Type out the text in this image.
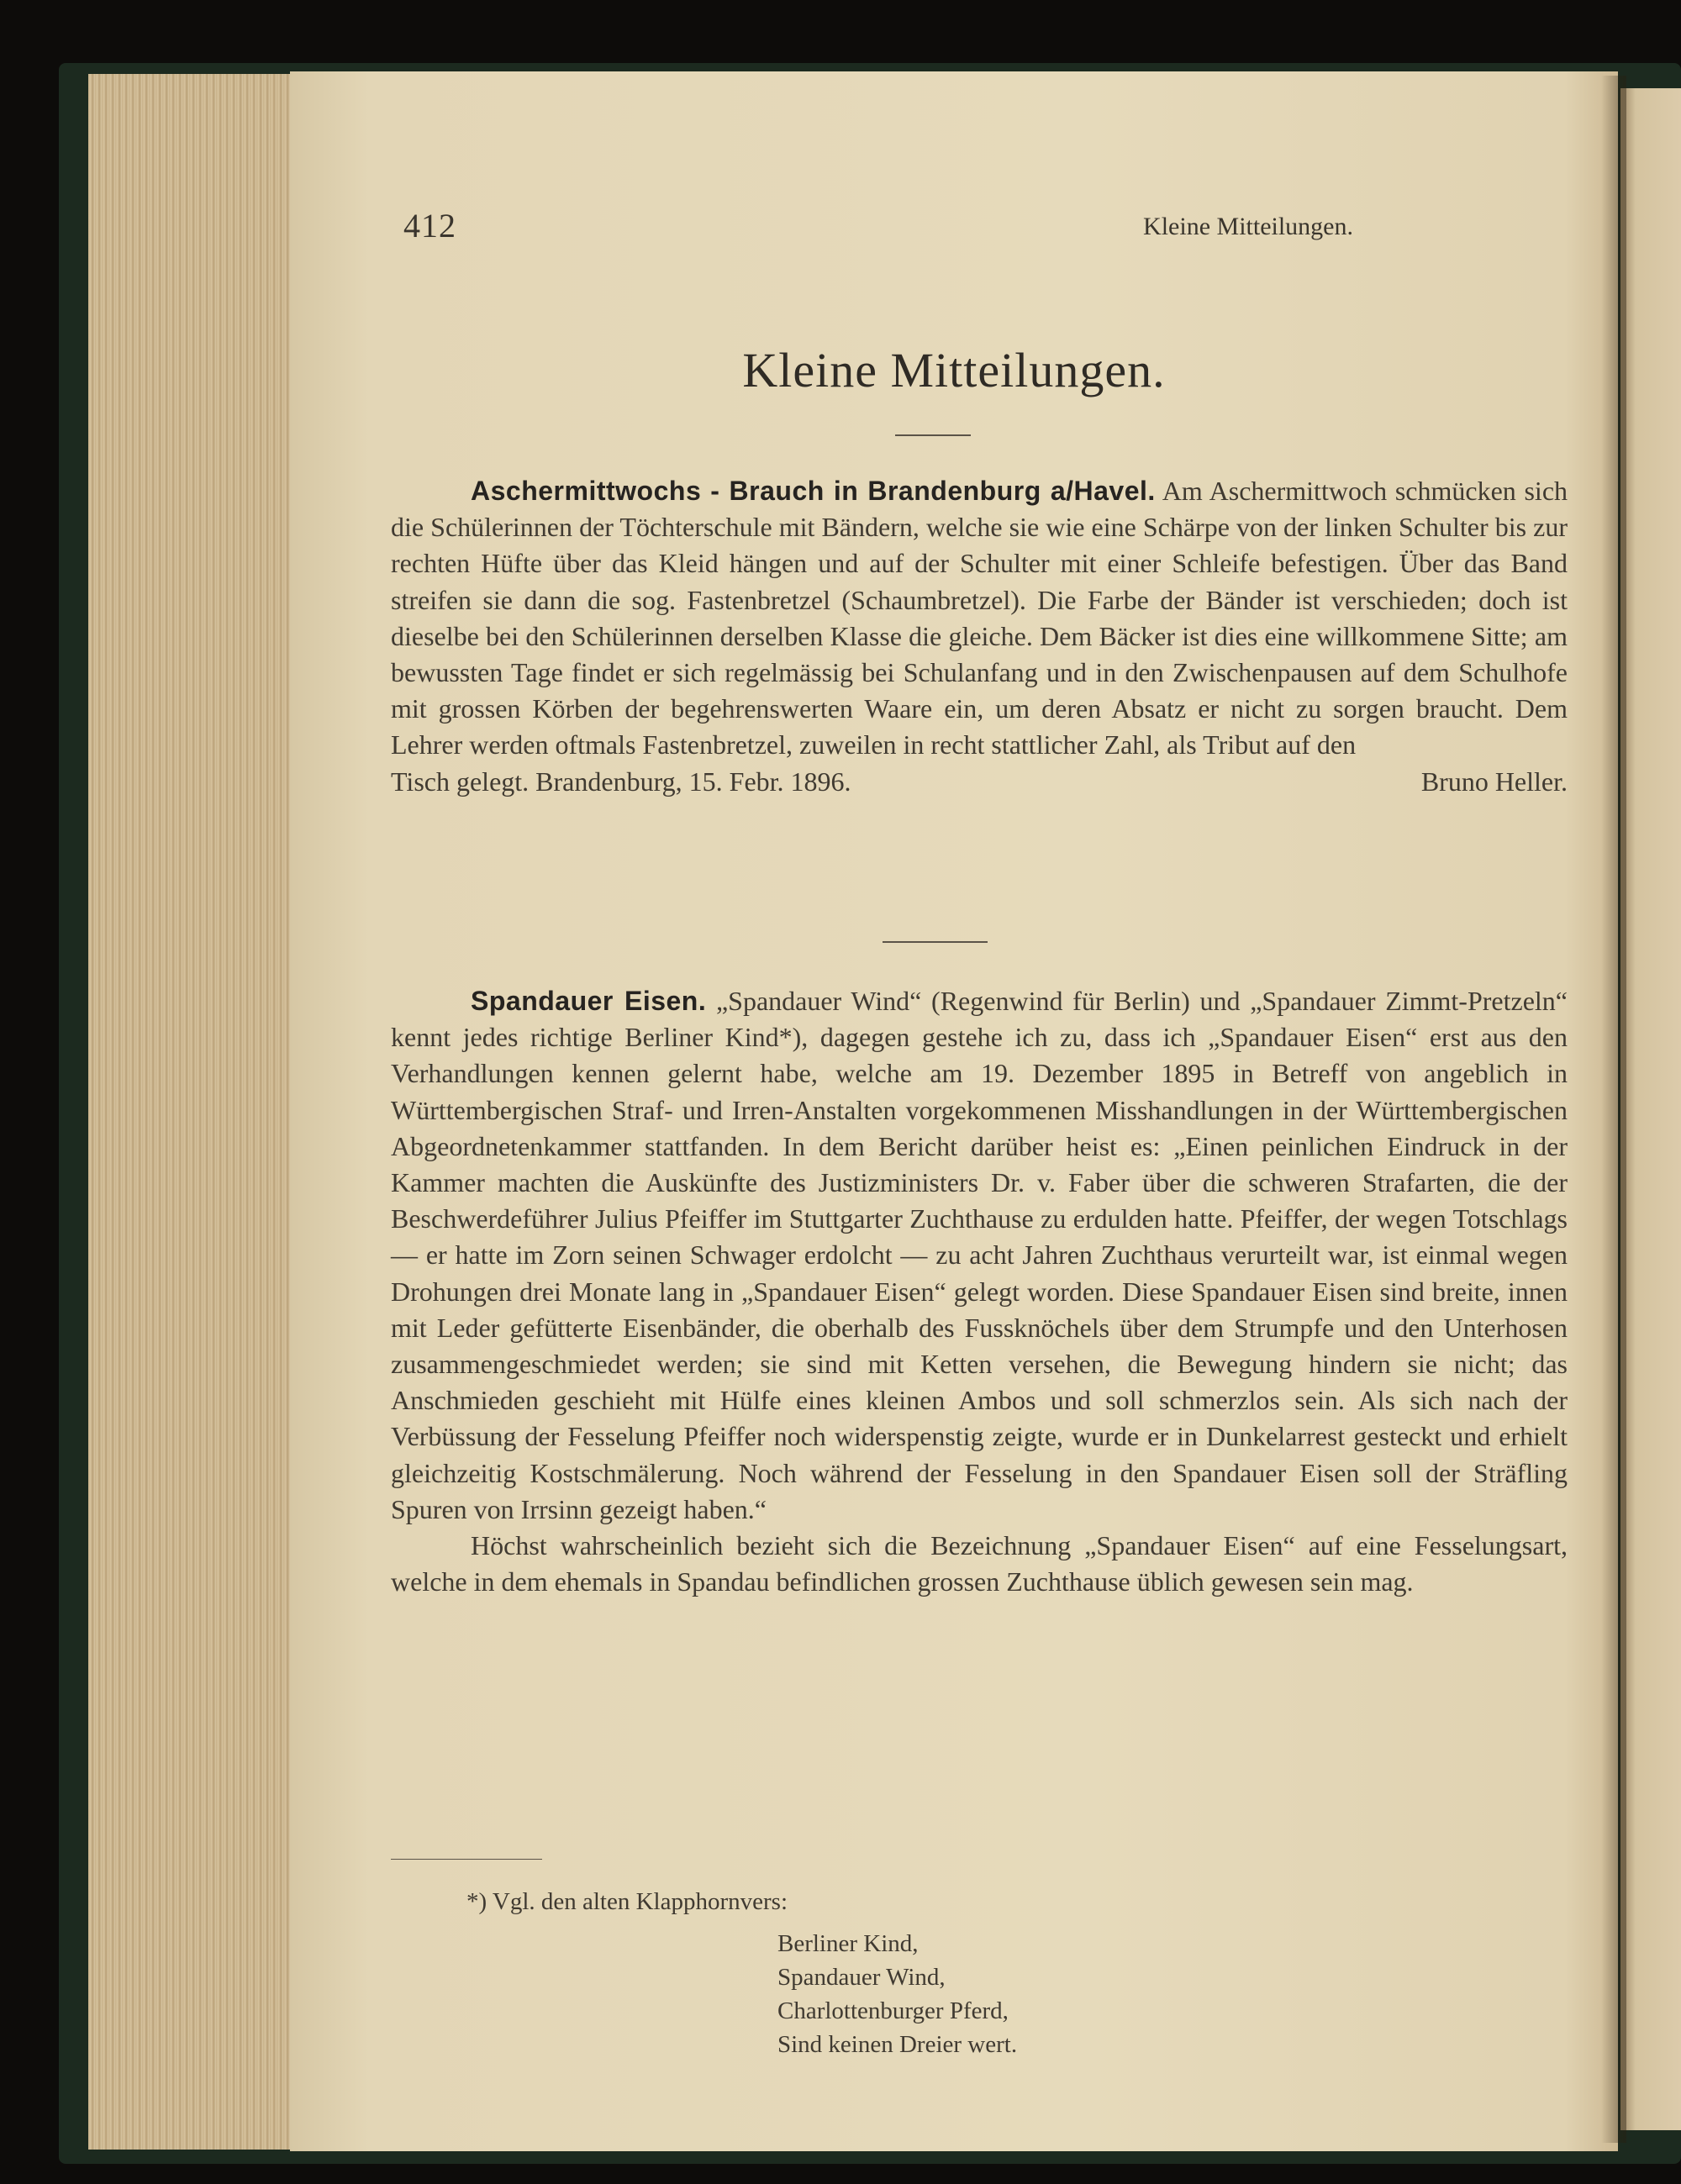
412	Kleine Mitteilungen.
Kleine Mitteilungen.

Aschermittwochs - Brauch in Brandenburg a/Havel. Am Aschermittwoch schmücken sich die Schülerinnen der Töchterschule mit Bändern, welche sie wie eine Schärpe von der linken Schulter bis zur rechten Hüfte über das Kleid hängen und auf der Schulter mit einer Schleife befestigen. Über das Band streifen sie dann die sog. Fastenbretzel (Schaumbretzel). Die Farbe der Bänder ist verschieden; doch ist dieselbe bei den Schülerinnen derselben Klasse die gleiche. Dem Bäcker ist dies eine willkommene Sitte; am bewussten Tage findet er sich regelmässig bei Schulanfang und in den Zwischenpausen auf dem Schulhofe mit grossen Körben der begehrenswerten Waare ein, um deren Absatz er nicht zu sorgen braucht. Dem Lehrer werden oftmals Fastenbretzel, zuweilen in recht stattlicher Zahl, als Tribut auf den

Tisch gelegt. Brandenburg, 15. Febr. 1896.	Bruno Heller.

Spandauer Eisen. „Spandauer Wind“ (Regenwind für Berlin) und „Spandauer Zimmt-Pretzeln“ kennt jedes richtige Berliner Kind*), dagegen gestehe ich zu, dass ich „Spandauer Eisen“ erst aus den Verhandlungen kennen gelernt habe, welche am 19. Dezember 1895 in Betreff von angeblich in Württembergischen Straf- und Irren-Anstalten vorgekommenen Misshandlungen in der Württembergischen Abgeordnetenkammer stattfanden. In dem Bericht darüber heist es: „Einen peinlichen Eindruck in der Kammer machten die Auskünfte des Justizministers Dr. v. Faber über die schweren Strafarten, die der Beschwerdeführer Julius Pfeiffer im Stuttgarter Zuchthause zu erdulden hatte. Pfeiffer, der wegen Totschlags — er hatte im Zorn seinen Schwager erdolcht — zu acht Jahren Zuchthaus verurteilt war, ist einmal wegen Drohungen drei Monate lang in „Spandauer Eisen“ gelegt worden. Diese Spandauer Eisen sind breite, innen mit Leder gefütterte Eisenbänder, die oberhalb des Fussknöchels über dem Strumpfe und den Unterhosen zusammengeschmiedet werden; sie sind mit Ketten versehen, die Bewegung hindern sie nicht; das Anschmieden geschieht mit Hülfe eines kleinen Ambos und soll schmerzlos sein. Als sich nach der Verbüssung der Fesselung Pfeiffer noch widerspenstig zeigte, wurde er in Dunkelarrest gesteckt und erhielt gleichzeitig Kostschmälerung. Noch während der Fesselung in den Spandauer Eisen soll der Sträfling Spuren von Irrsinn gezeigt haben.“

Höchst wahrscheinlich bezieht sich die Bezeichnung „Spandauer Eisen“ auf eine Fesselungsart, welche in dem ehemals in Spandau befindlichen grossen Zuchthause üblich gewesen sein mag.

*) Vgl. den alten Klapphornvers:
Berliner Kind,
Spandauer Wind,
Charlottenburger Pferd,
Sind keinen Dreier wert.
